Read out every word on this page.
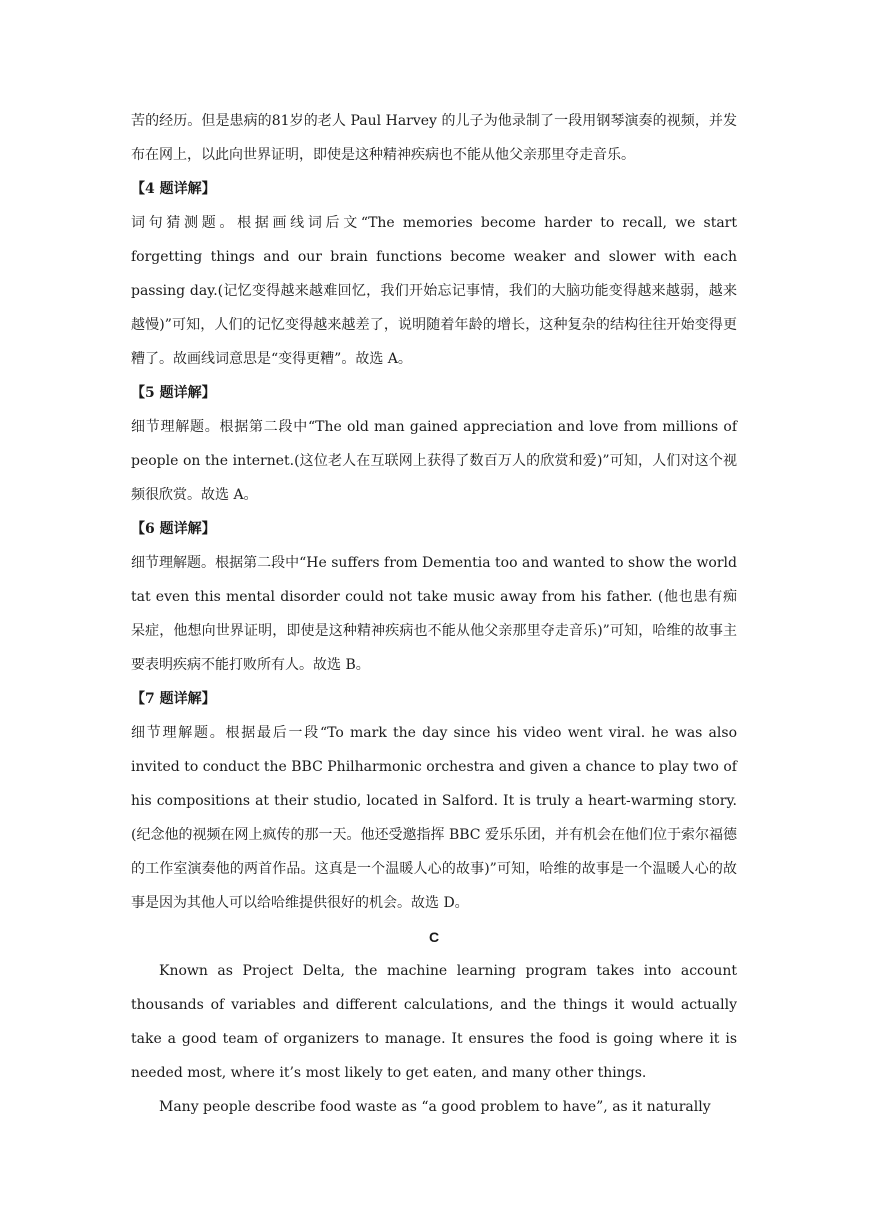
苦的经历。但是患病的81岁的老人 Paul Harvey 的儿子为他录制了一段用钢琴演奏的视频，并发布在网上，以此向世界证明，即使是这种精神疾病也不能从他父亲那里夺走音乐。

【4 题详解】

词句猜测题。根据画线词后文“The memories become harder to recall, we start forgetting things and our brain functions become weaker and slower with each passing day.(记忆变得越来越难回忆，我们开始忘记事情，我们的大脑功能变得越来越弱，越来越慢)”可知，人们的记忆变得越来越差了，说明随着年龄的增长，这种复杂的结构往往开始变得更糟了。故画线词意思是“变得更糟”。故选 A。

【5 题详解】

细节理解题。根据第二段中“The old man gained appreciation and love from millions of people on the internet.(这位老人在互联网上获得了数百万人的欣赏和爱)”可知，人们对这个视频很欣赏。故选 A。

【6 题详解】

细节理解题。根据第二段中“He suffers from Dementia too and wanted to show the world tat even this mental disorder could not take music away from his father. (他也患有痴呆症，他想向世界证明，即使是这种精神疾病也不能从他父亲那里夺走音乐)”可知，哈维的故事主要表明疾病不能打败所有人。故选 B。

【7 题详解】

细节理解题。根据最后一段“To mark the day since his video went viral. he was also invited to conduct the BBC Philharmonic orchestra and given a chance to play two of his compositions at their studio, located in Salford. It is truly a heart-warming story.(纪念他的视频在网上疯传的那一天。他还受邀指挥 BBC 爱乐乐团，并有机会在他们位于索尔福德的工作室演奏他的两首作品。这真是一个温暖人心的故事)”可知，哈维的故事是一个温暖人心的故事是因为其他人可以给哈维提供很好的机会。故选 D。

C

Known as Project Delta, the machine learning program takes into account thousands of variables and different calculations, and the things it would actually take a good team of organizers to manage. It ensures the food is going where it is needed most, where it’s most likely to get eaten, and many other things.

Many people describe food waste as “a good problem to have”, as it naturally
